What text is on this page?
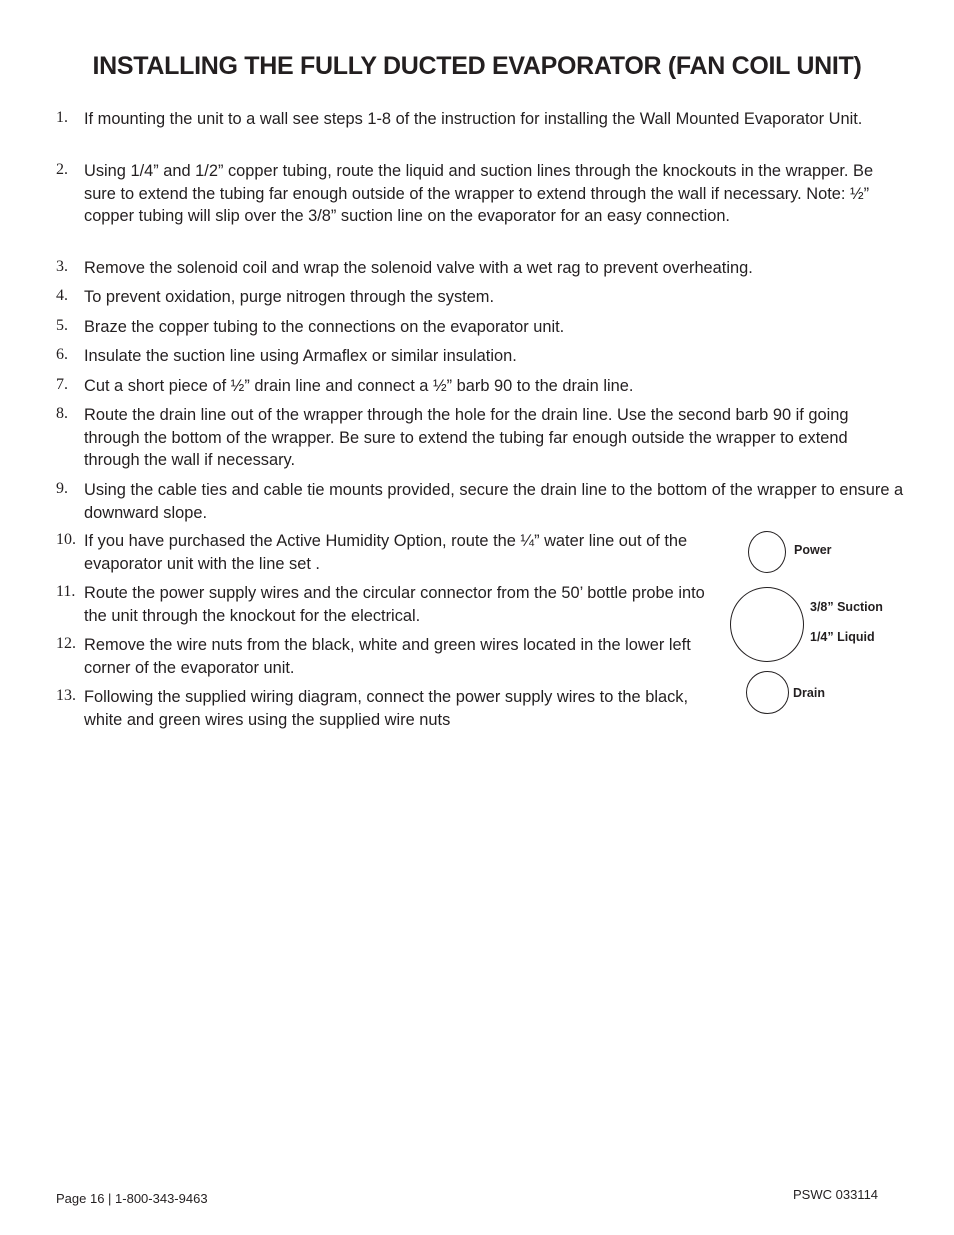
INSTALLING THE FULLY DUCTED EVAPORATOR (FAN COIL UNIT)
1. If mounting the unit to a wall see steps 1-8 of the instruction for installing the Wall Mounted Evaporator Unit.
2. Using 1/4” and 1/2” copper tubing, route the liquid and suction lines through the knockouts in the wrapper. Be sure to extend the tubing far enough outside of the wrapper to extend through the wall if necessary. Note: ½” copper tubing will slip over the 3/8” suction line on the evaporator for an easy connection.
3. Remove the solenoid coil and wrap the solenoid valve with a wet rag to prevent overheating.
4. To prevent oxidation, purge nitrogen through the system.
5. Braze the copper tubing to the connections on the evaporator unit.
6. Insulate the suction line using Armaflex or similar insulation.
7. Cut a short piece of ½” drain line and connect a ½” barb 90 to the drain line.
8. Route the drain line out of the wrapper through the hole for the drain line. Use the second barb 90 if going through the bottom of the wrapper. Be sure to extend the tubing far enough outside the wrapper to extend through the wall if necessary.
9. Using the cable ties and cable tie mounts provided, secure the drain line to the bottom of the wrapper to ensure a downward slope.
10. If you have purchased the Active Humidity Option, route the ¼” water line out of the evaporator unit with the line set .
11. Route the power supply wires and the circular connector from the 50’ bottle probe into the unit through the knockout for the electrical.
12. Remove the wire nuts from the black, white and green wires located in the lower left corner of the evaporator unit.
13. Following the supplied wiring diagram, connect the power supply wires to the black, white and green wires using the supplied wire nuts
Power
3/8” Suction
1/4” Liquid
Drain
Page 16 | 1-800-343-9463	PSWC 033114
